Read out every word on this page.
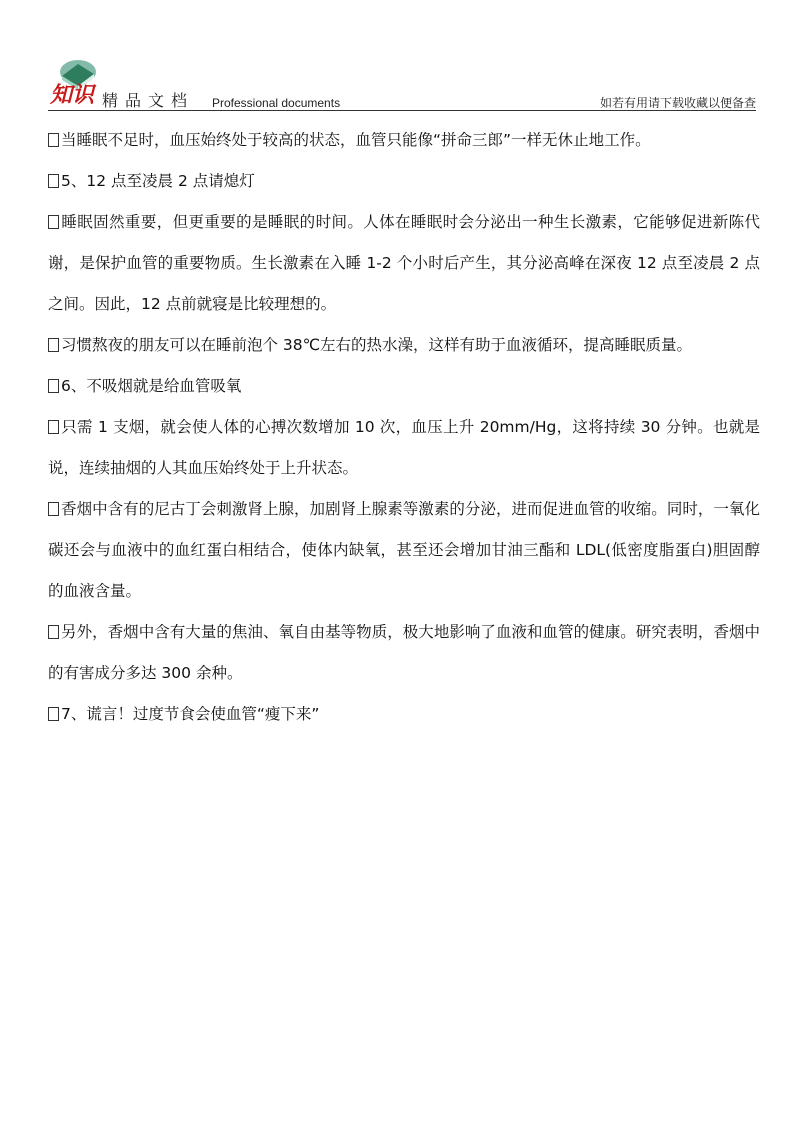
知识 精品文档 Professional documents	如若有用请下载收藏以便备查

当睡眠不足时，血压始终处于较高的状态，血管只能像“拼命三郎”一样无休止地工作。

5、12 点至凌晨 2 点请熄灯

睡眠固然重要，但更重要的是睡眠的时间。人体在睡眠时会分泌出一种生长激素，它能够促进新陈代谢，是保护血管的重要物质。生长激素在入睡 1-2 个小时后产生，其分泌高峰在深夜 12 点至凌晨 2 点之间。因此，12 点前就寝是比较理想的。

习惯熬夜的朋友可以在睡前泡个 38℃左右的热水澡，这样有助于血液循环，提高睡眠质量。

6、不吸烟就是给血管吸氧

只需 1 支烟，就会使人体的心搏次数增加 10 次，血压上升 20mm/Hg，这将持续 30 分钟。也就是说，连续抽烟的人其血压始终处于上升状态。

香烟中含有的尼古丁会刺激肾上腺，加剧肾上腺素等激素的分泌，进而促进血管的收缩。同时，一氧化碳还会与血液中的血红蛋白相结合，使体内缺氧，甚至还会增加甘油三酯和 LDL(低密度脂蛋白)胆固醇的血液含量。

另外，香烟中含有大量的焦油、氧自由基等物质，极大地影响了血液和血管的健康。研究表明，香烟中的有害成分多达 300 余种。

7、谎言！过度节食会使血管“瘦下来”
